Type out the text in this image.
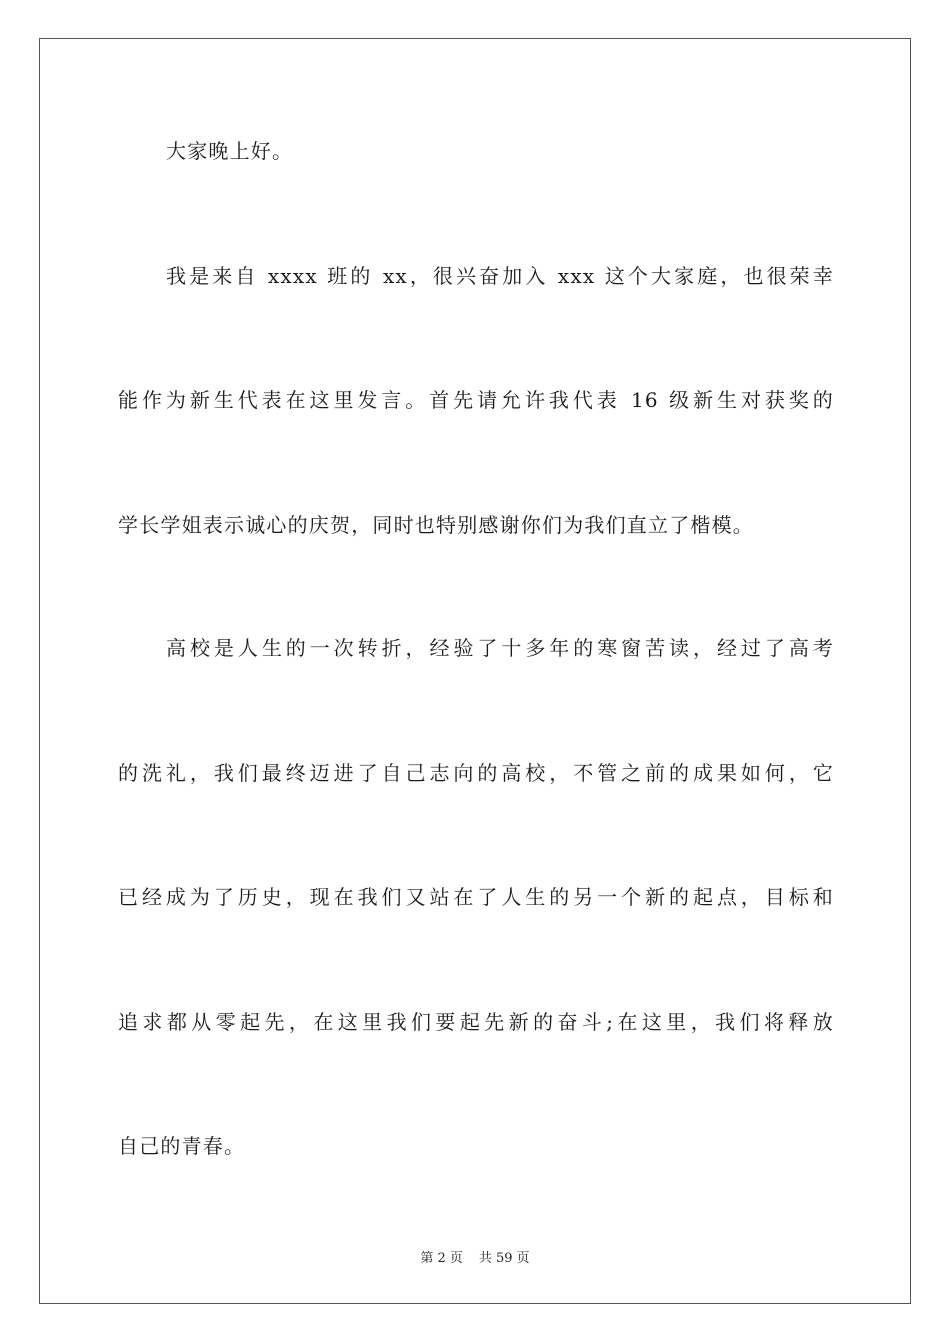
大家晚上好。
我是来自 xxxx 班的 xx，很兴奋加入 xxx 这个大家庭，也很荣幸
能作为新生代表在这里发言。首先请允许我代表 16 级新生对获奖的
学长学姐表示诚心的庆贺，同时也特别感谢你们为我们直立了楷模。
高校是人生的一次转折，经验了十多年的寒窗苦读，经过了高考
的洗礼，我们最终迈进了自己志向的高校，不管之前的成果如何，它
已经成为了历史，现在我们又站在了人生的另一个新的起点，目标和
追求都从零起先，在这里我们要起先新的奋斗;在这里，我们将释放
自己的青春。
第 2 页 共 59 页
